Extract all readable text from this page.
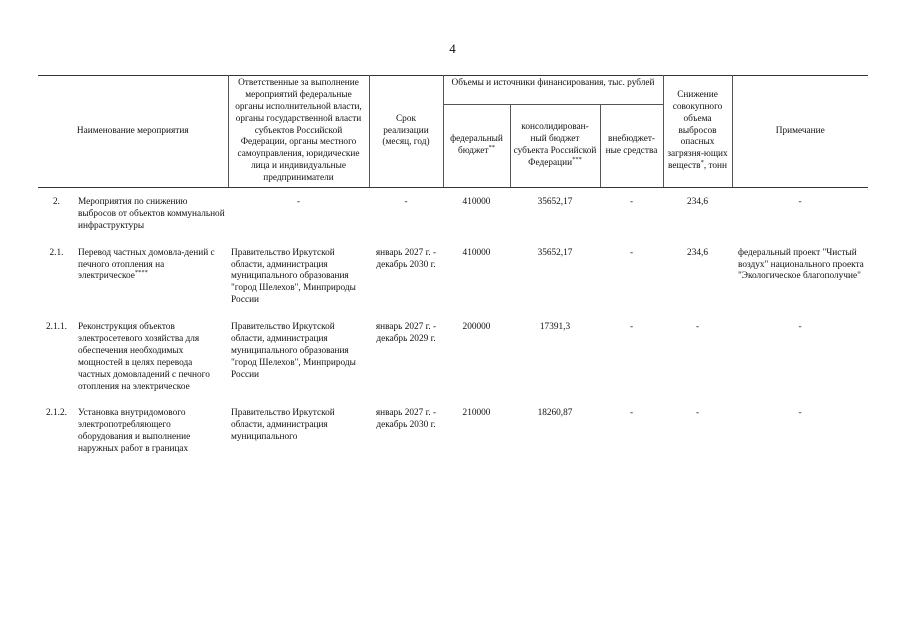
4
Наименование мероприятия		Ответственные за выполнение мероприятий федеральные органы исполнительной власти, органы государственной власти субъектов Российской Федерации, органы местного самоуправления, юридические лица и индивидуальные предприниматели	Срок реализации (месяц, год)	Объемы и источники финансирования, тыс. рублей			Снижение совокупного объема выбросов опасных загрязня-ющих веществ*, тонн	Примечание
				федеральный бюджет**	консолидирован-ный бюджет субъекта Российской Федерации***	внебюджет-ные средства		

2.	Мероприятия по снижению выбросов от объектов коммунальной инфраструктуры	-	-	410000	35652,17	-	234,6	-

2.1.	Перевод частных домовла-дений с печного отопления на электрическое****	Правительство Иркутской области, администрация муниципального образования "город Шелехов", Минприроды России	январь 2027 г. - декабрь 2030 г.	410000	35652,17	-	234,6	федеральный проект "Чистый воздух" национального проекта "Экологическое благополучие"

2.1.1.	Реконструкция объектов электросетевого хозяйства для обеспечения необходимых мощностей в целях перевода частных домовладений с печного отопления на электрическое	Правительство Иркутской области, администрация муниципального образования "город Шелехов", Минприроды России	январь 2027 г. - декабрь 2029 г.	200000	17391,3	-	-	-

2.1.2.	Установка внутридомового электропотребляющего оборудования и выполнение наружных работ в границах	Правительство Иркутской области, администрация муниципального	январь 2027 г. - декабрь 2030 г.	210000	18260,87	-	-	-
